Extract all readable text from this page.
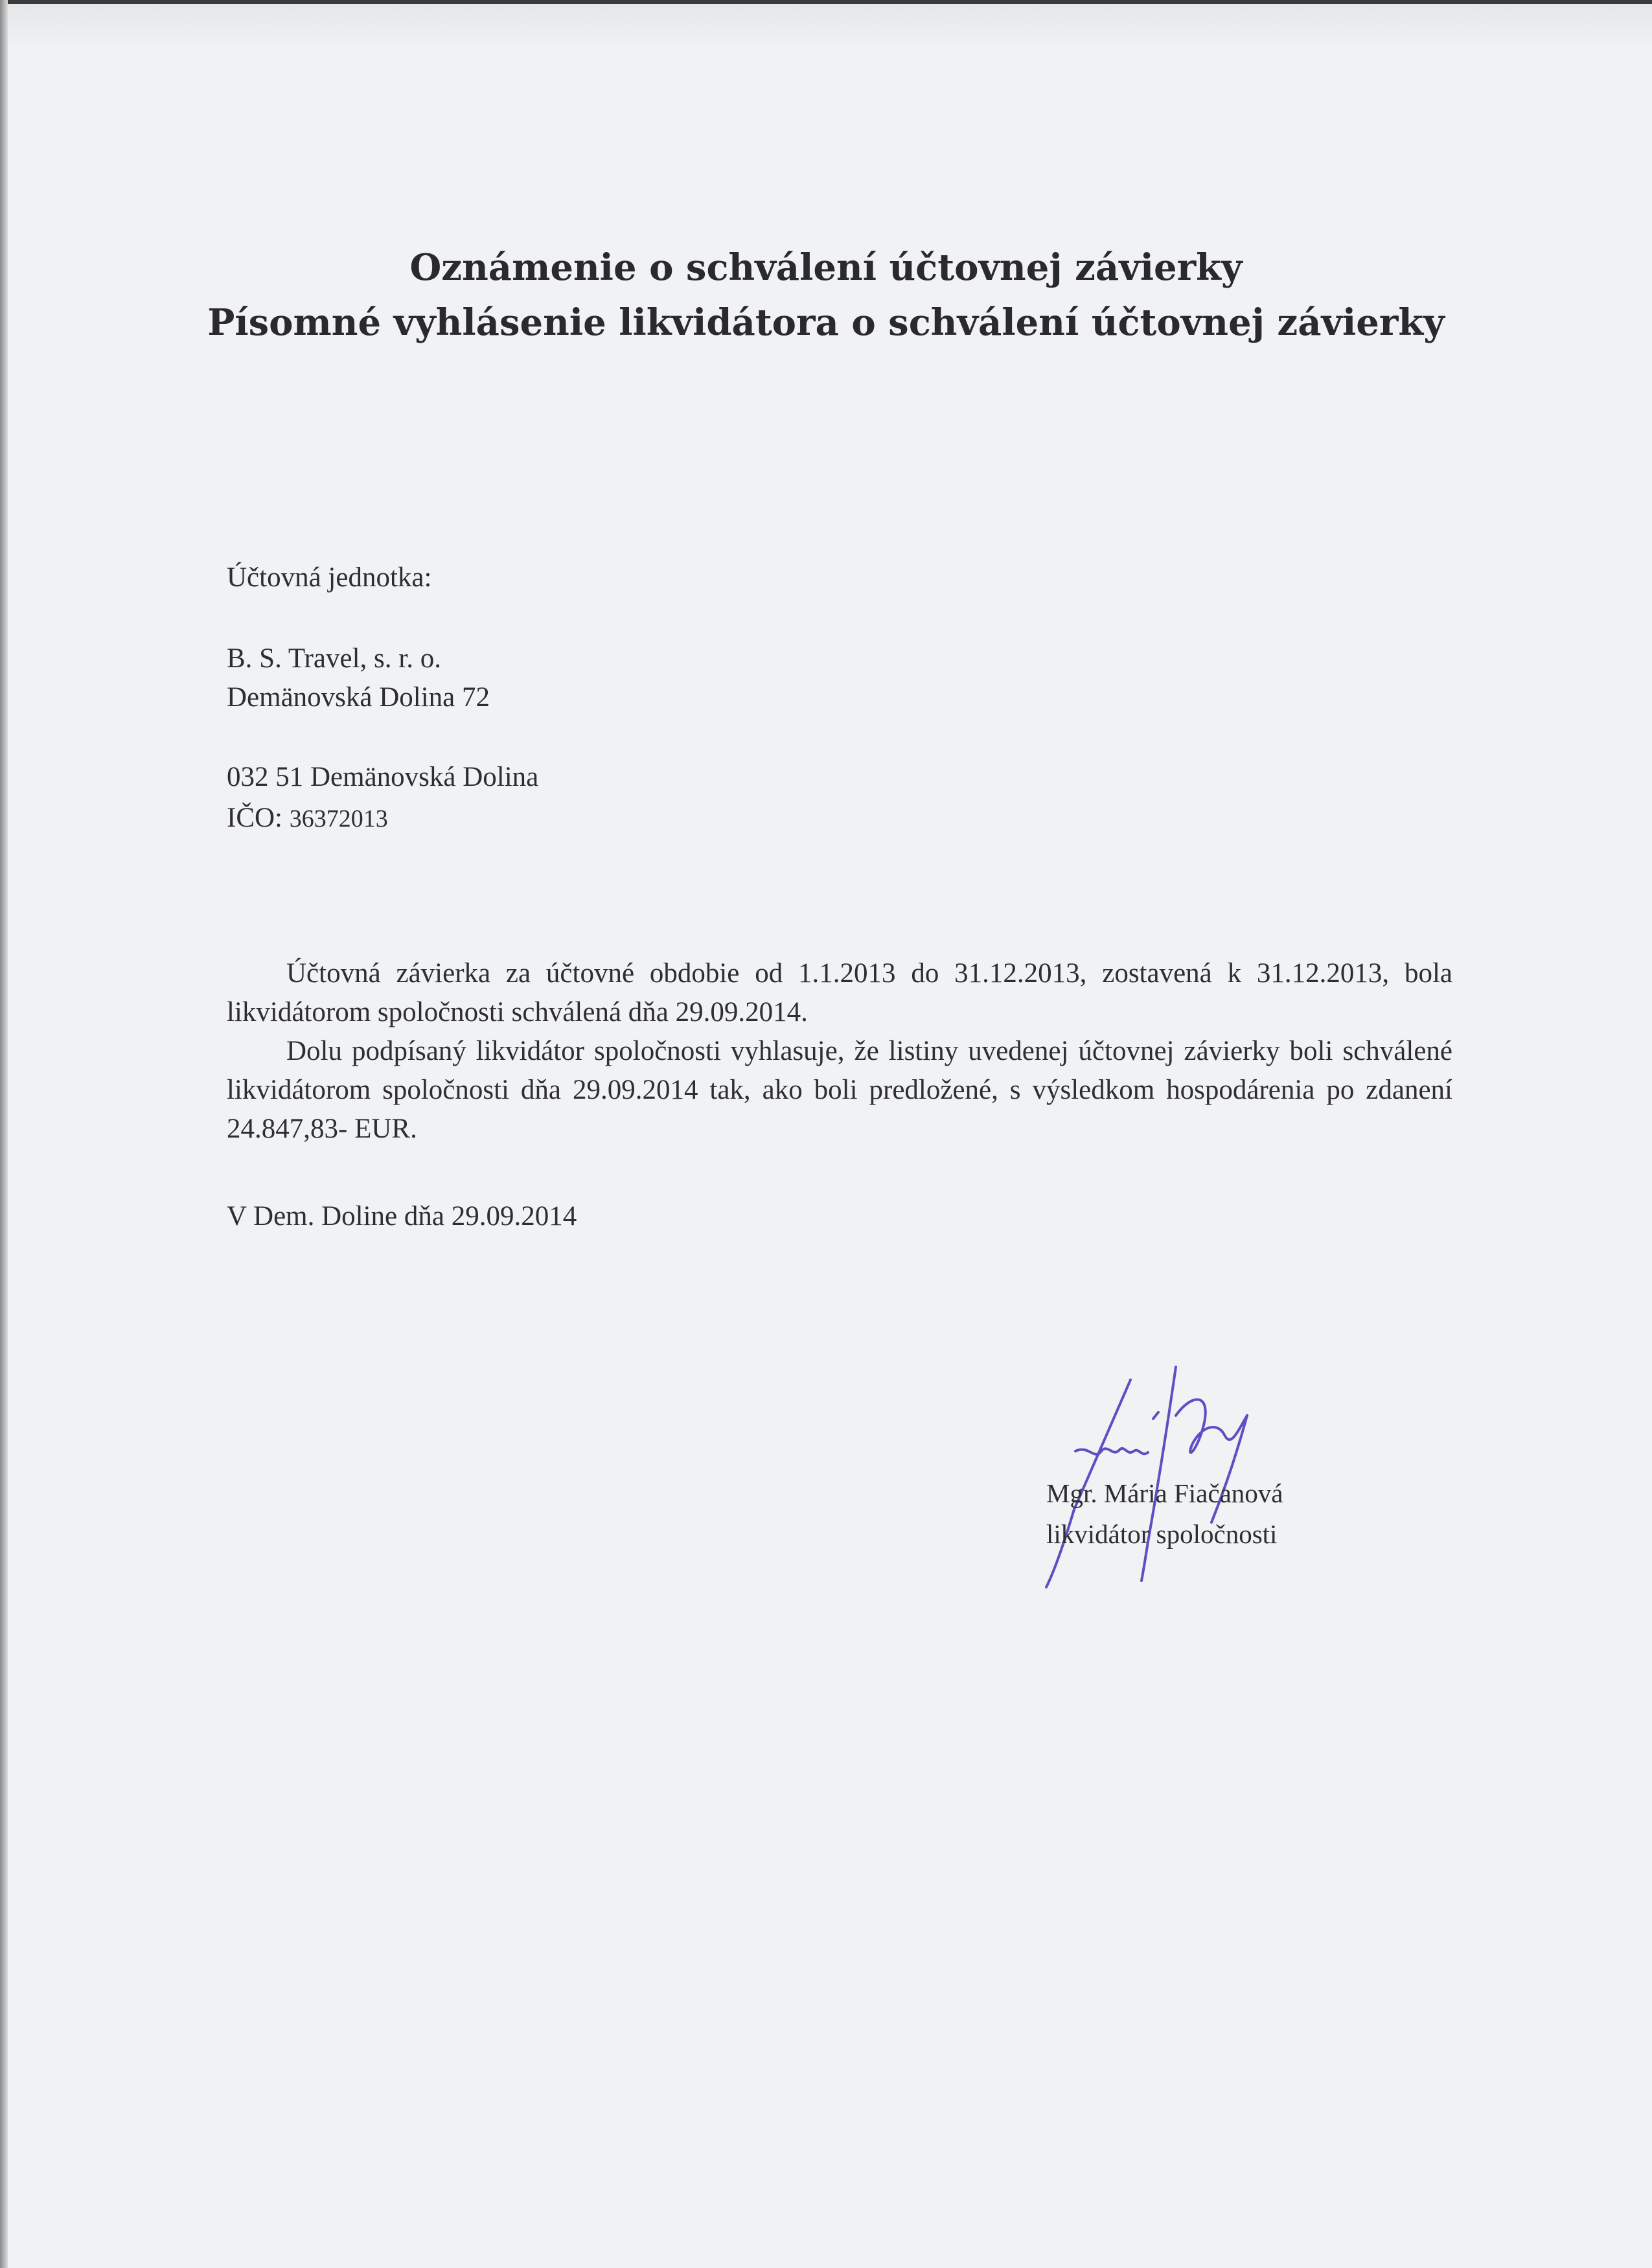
Oznámenie o schválení účtovnej závierky
Písomné vyhlásenie likvidátora o schválení účtovnej závierky
Účtovná jednotka:
B. S. Travel, s. r. o.
Demänovská Dolina 72
032 51 Demänovská Dolina
IČO: 36372013

Účtovná závierka za účtovné obdobie od 1.1.2013 do 31.12.2013, zostavená k 31.12.2013, bola likvidátorom spoločnosti schválená dňa 29.09.2014.

Dolu podpísaný likvidátor spoločnosti vyhlasuje, že listiny uvedenej účtovnej závierky boli schválené likvidátorom spoločnosti dňa 29.09.2014 tak, ako boli predložené, s výsledkom hospodárenia po zdanení 24.847,83- EUR.

V Dem. Doline dňa 29.09.2014
Mgr. Mária Fiačanová
likvidátor spoločnosti
